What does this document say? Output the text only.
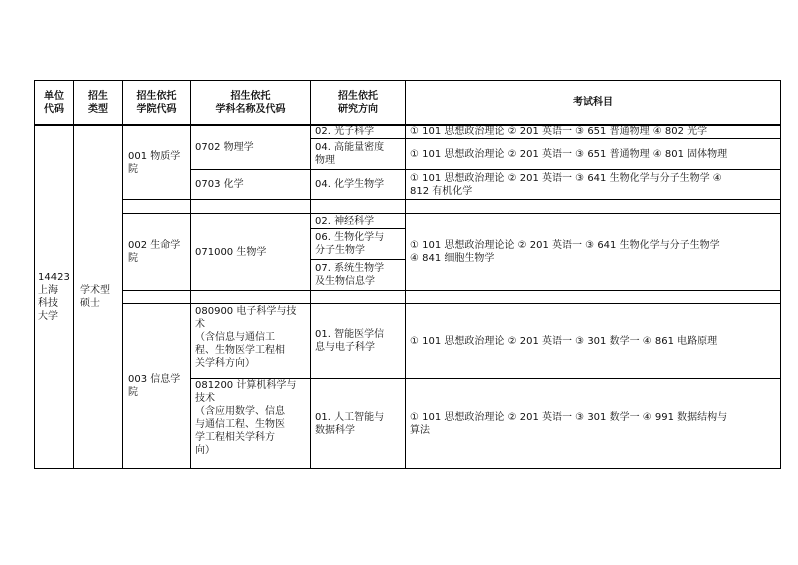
单位
代码
招生
类型
招生依托
学院代码
招生依托
学科名称及代码
招生依托
研究方向
考试科目
14423
上海
科技
大学
学术型
硕士
001 物质学
院
002 生命学
院
003 信息学
院
0702 物理学
0703 化学
071000 生物学
080900 电子科学与技
术
（含信息与通信工
程、生物医学工程相
关学科方向）
081200 计算机科学与
技术
（含应用数学、信息
与通信工程、生物医
学工程相关学科方
向）
02. 光子科学
04. 高能量密度
物理
04. 化学生物学
02. 神经科学
06. 生物化学与
分子生物学
07. 系统生物学
及生物信息学
01. 智能医学信
息与电子科学
01. 人工智能与
数据科学
① 101 思想政治理论 ② 201 英语一 ③ 651 普通物理 ④ 802 光学
① 101 思想政治理论 ② 201 英语一 ③ 651 普通物理 ④ 801 固体物理
① 101 思想政治理论 ② 201 英语一 ③ 641 生物化学与分子生物学 ④
812 有机化学
① 101 思想政治理论论 ② 201 英语一 ③ 641 生物化学与分子生物学
④ 841 细胞生物学
① 101 思想政治理论 ② 201 英语一 ③ 301 数学一 ④ 861 电路原理
① 101 思想政治理论 ② 201 英语一 ③ 301 数学一 ④ 991 数据结构与
算法
